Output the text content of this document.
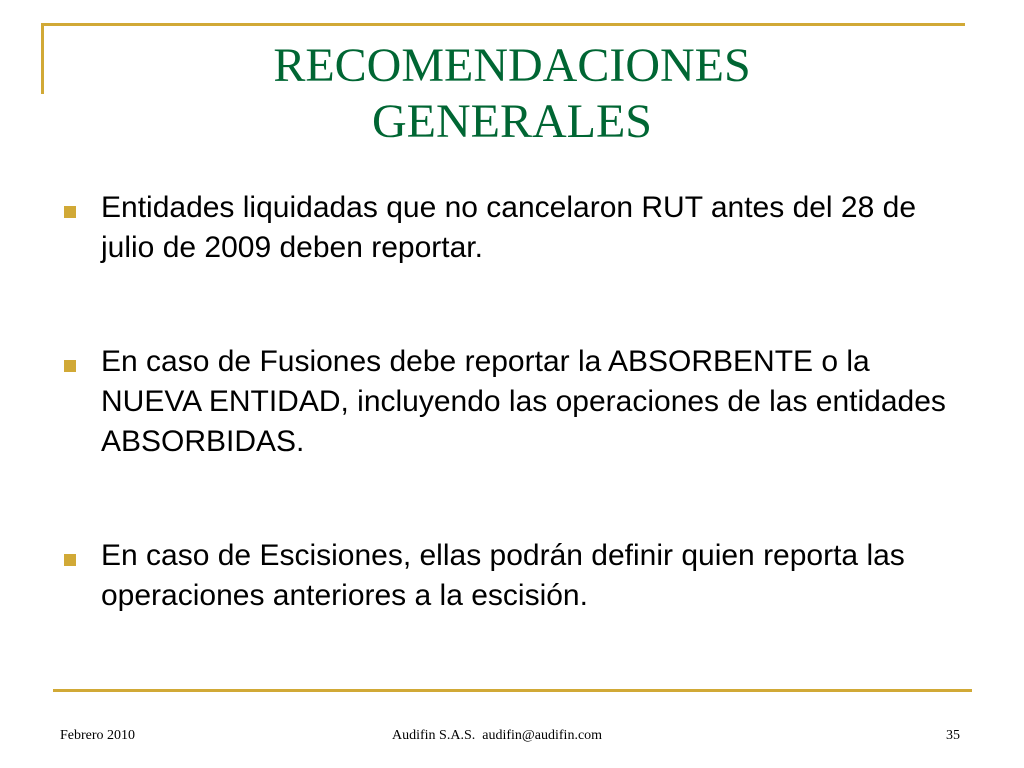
RECOMENDACIONES
GENERALES
Entidades liquidadas que no cancelaron RUT antes del 28 de julio de 2009 deben reportar.
En caso de Fusiones debe reportar la ABSORBENTE o la NUEVA ENTIDAD, incluyendo las operaciones de las entidades ABSORBIDAS.
En caso de Escisiones, ellas podrán definir quien reporta las operaciones anteriores a la escisión.
Febrero 2010	Audifin S.A.S.  audifin@audifin.com	35
